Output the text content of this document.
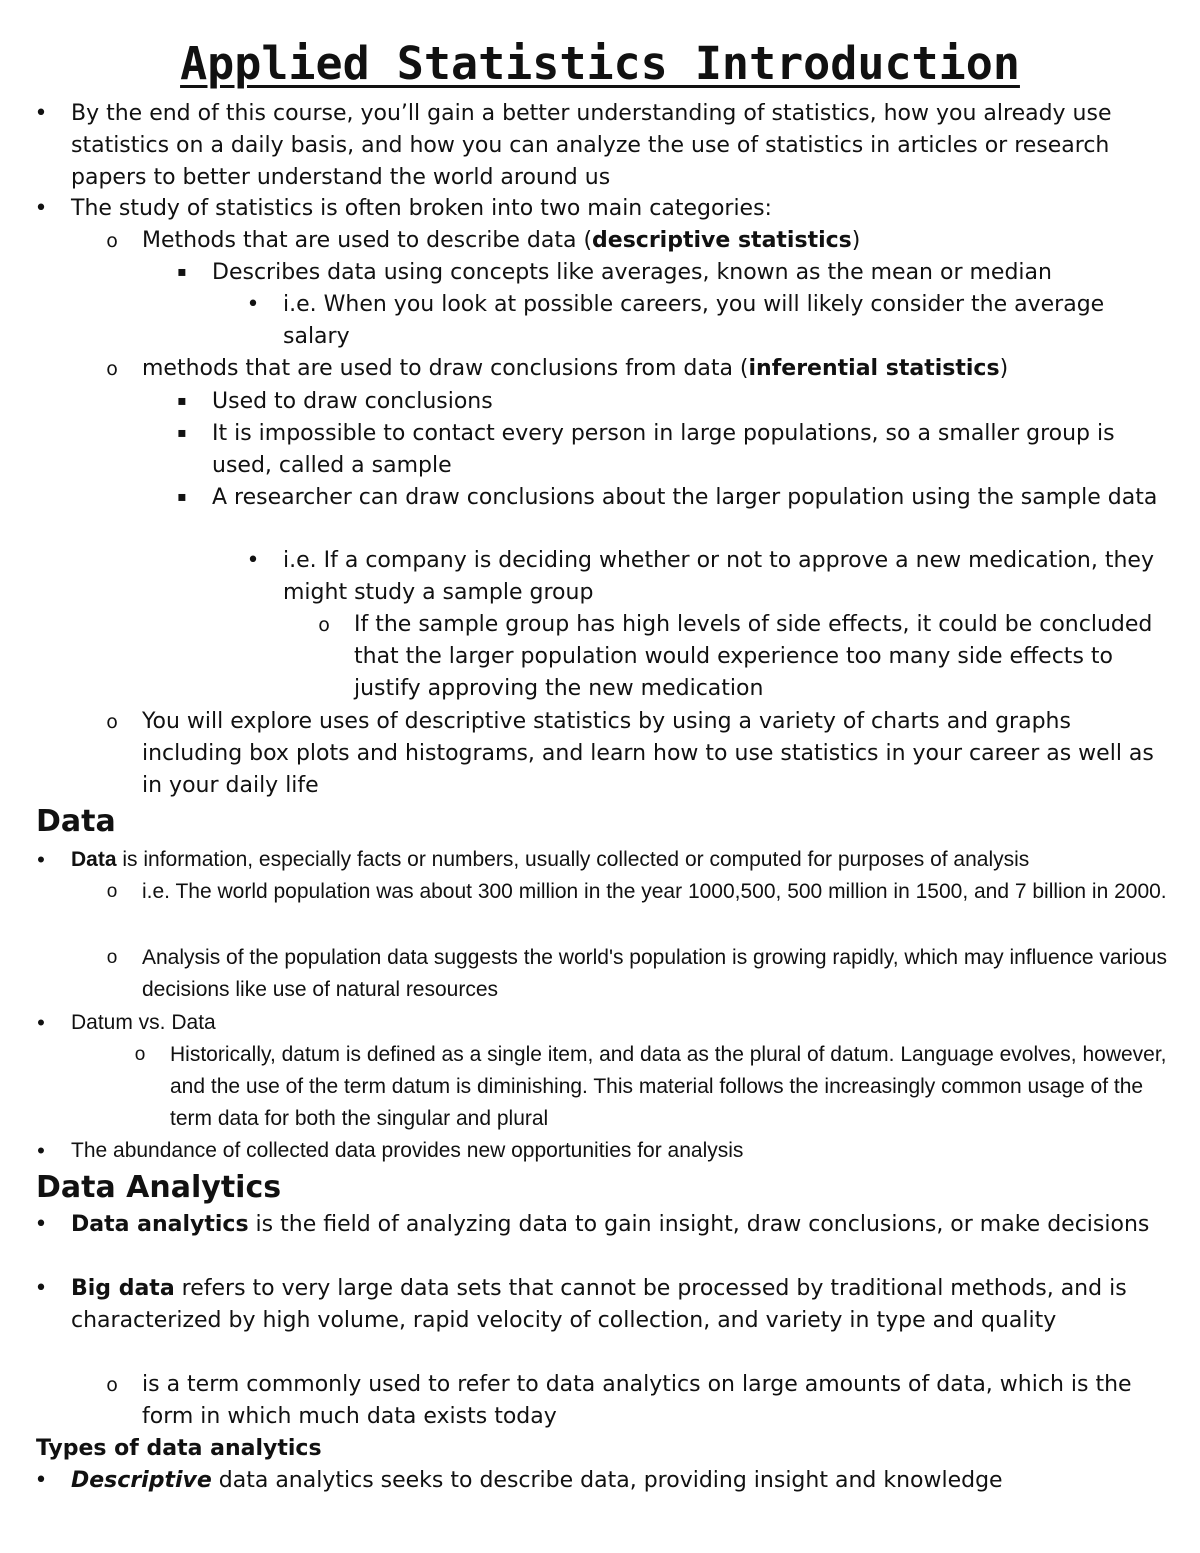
Applied Statistics Introduction

• By the end of this course, you’ll gain a better understanding of statistics, how you already use statistics on a daily basis, and how you can analyze the use of statistics in articles or research papers to better understand the world around us

• The study of statistics is often broken into two main categories:

o Methods that are used to describe data (descriptive statistics)

▪ Describes data using concepts like averages, known as the mean or median

• i.e. When you look at possible careers, you will likely consider the average salary

o methods that are used to draw conclusions from data (inferential statistics)

▪ Used to draw conclusions

▪ It is impossible to contact every person in large populations, so a smaller group is used, called a sample

▪ A researcher can draw conclusions about the larger population using the sample data

• i.e. If a company is deciding whether or not to approve a new medication, they might study a sample group

o If the sample group has high levels of side effects, it could be concluded that the larger population would experience too many side effects to justify approving the new medication

o You will explore uses of descriptive statistics by using a variety of charts and graphs including box plots and histograms, and learn how to use statistics in your career as well as in your daily life

Data

• Data is information, especially facts or numbers, usually collected or computed for purposes of analysis

o i.e. The world population was about 300 million in the year 1000,500, 500 million in 1500, and 7 billion in 2000.

o Analysis of the population data suggests the world's population is growing rapidly, which may influence various decisions like use of natural resources

• Datum vs. Data

o Historically, datum is defined as a single item, and data as the plural of datum. Language evolves, however, and the use of the term datum is diminishing. This material follows the increasingly common usage of the term data for both the singular and plural

• The abundance of collected data provides new opportunities for analysis

Data Analytics

• Data analytics is the field of analyzing data to gain insight, draw conclusions, or make decisions

• Big data refers to very large data sets that cannot be processed by traditional methods, and is characterized by high volume, rapid velocity of collection, and variety in type and quality

o is a term commonly used to refer to data analytics on large amounts of data, which is the form in which much data exists today

Types of data analytics

• Descriptive data analytics seeks to describe data, providing insight and knowledge
